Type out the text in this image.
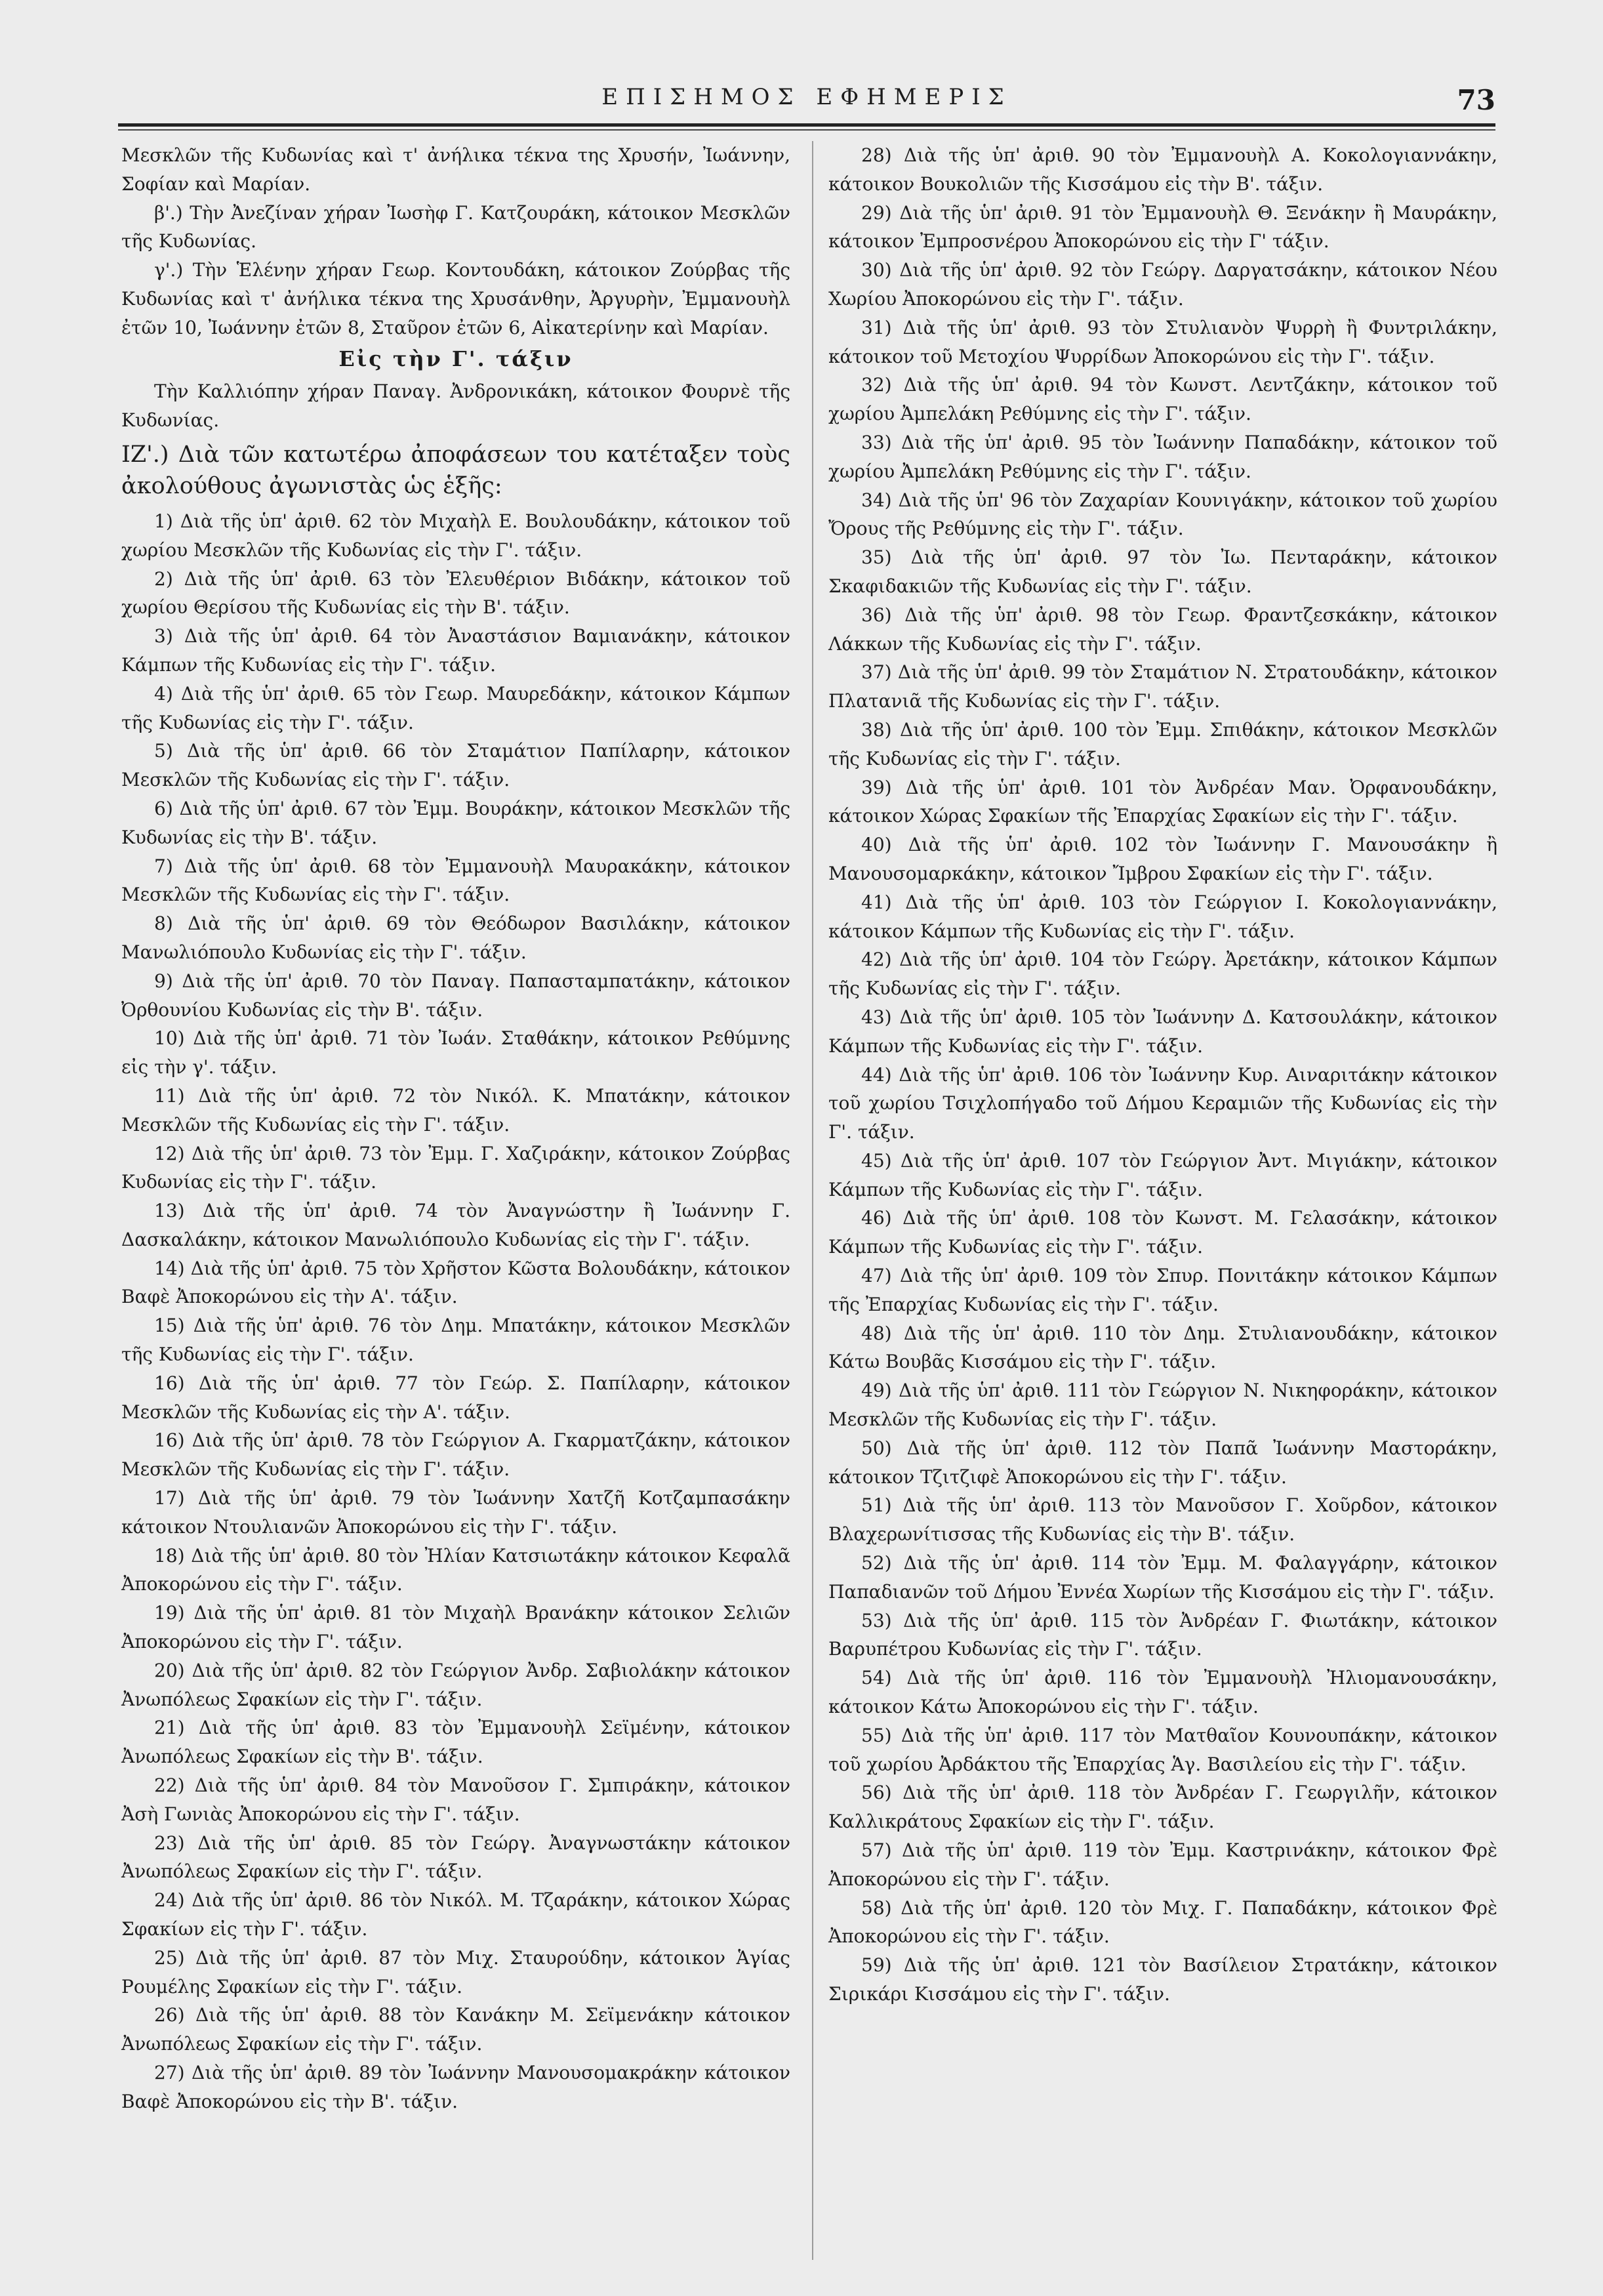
ΕΠΙΣΗΜΟΣ ΕΦΗΜΕΡΙΣ	73

Μεσκλῶν τῆς Κυδωνίας καὶ τ' ἀνήλικα τέκνα της Χρυσήν, Ἰωάννην, Σοφίαν καὶ Μαρίαν.

β'.) Τὴν Ἀνεζίναν χήραν Ἰωσὴφ Γ. Κατζουράκη, κάτοικον Μεσκλῶν τῆς Κυδωνίας.

γ'.) Τὴν Ἑλένην χήραν Γεωρ. Κοντουδάκη, κάτοικον Ζούρβας τῆς Κυδωνίας καὶ τ' ἀνήλικα τέκνα της Χρυσάνθην, Ἀργυρὴν, Ἐμμανουὴλ ἐτῶν 10, Ἰωάννην ἐτῶν 8, Σταῦρον ἐτῶν 6, Αἰκατερίνην καὶ Μαρίαν.

Εἰς τὴν Γ'. τάξιν

Τὴν Καλλιόπην χήραν Παναγ. Ἀνδρονικάκη, κάτοικον Φουρνὲ τῆς Κυδωνίας.

ΙΖ'.) Διὰ τῶν κατωτέρω ἀποφάσεων του κατέταξεν τοὺς ἀκολούθους ἀγωνιστὰς ὡς ἑξῆς:

1) Διὰ τῆς ὑπ' ἀριθ. 62 τὸν Μιχαὴλ Ε. Βουλουδάκην, κάτοικον τοῦ χωρίου Μεσκλῶν τῆς Κυδωνίας εἰς τὴν Γ'. τάξιν.

2) Διὰ τῆς ὑπ' ἀριθ. 63 τὸν Ἐλευθέριον Βιδάκην, κάτοικον τοῦ χωρίου Θερίσου τῆς Κυδωνίας εἰς τὴν Β'. τάξιν.

3) Διὰ τῆς ὑπ' ἀριθ. 64 τὸν Ἀναστάσιον Βαμιανάκην, κάτοικον Κάμπων τῆς Κυδωνίας εἰς τὴν Γ'. τάξιν.

4) Διὰ τῆς ὑπ' ἀριθ. 65 τὸν Γεωρ. Μαυρεδάκην, κάτοικον Κάμπων τῆς Κυδωνίας εἰς τὴν Γ'. τάξιν.

5) Διὰ τῆς ὑπ' ἀριθ. 66 τὸν Σταμάτιον Παπίλαρην, κάτοικον Μεσκλῶν τῆς Κυδωνίας εἰς τὴν Γ'. τάξιν.

6) Διὰ τῆς ὑπ' ἀριθ. 67 τὸν Ἐμμ. Βουράκην, κάτοικον Μεσκλῶν τῆς Κυδωνίας εἰς τὴν Β'. τάξιν.

7) Διὰ τῆς ὑπ' ἀριθ. 68 τὸν Ἐμμανουὴλ Μαυρακάκην, κάτοικον Μεσκλῶν τῆς Κυδωνίας εἰς τὴν Γ'. τάξιν.

8) Διὰ τῆς ὑπ' ἀριθ. 69 τὸν Θεόδωρον Βασιλάκην, κάτοικον Μανωλιόπουλο Κυδωνίας εἰς τὴν Γ'. τάξιν.

9) Διὰ τῆς ὑπ' ἀριθ. 70 τὸν Παναγ. Παπασταμπατάκην, κάτοικον Ὀρθουνίου Κυδωνίας εἰς τὴν Β'. τάξιν.

10) Διὰ τῆς ὑπ' ἀριθ. 71 τὸν Ἰωάν. Σταθάκην, κάτοικον Ρεθύμνης εἰς τὴν γ'. τάξιν.

11) Διὰ τῆς ὑπ' ἀριθ. 72 τὸν Νικόλ. Κ. Μπατάκην, κάτοικον Μεσκλῶν τῆς Κυδωνίας εἰς τὴν Γ'. τάξιν.

12) Διὰ τῆς ὑπ' ἀριθ. 73 τὸν Ἐμμ. Γ. Χαζιράκην, κάτοικον Ζούρβας Κυδωνίας εἰς τὴν Γ'. τάξιν.

13) Διὰ τῆς ὑπ' ἀριθ. 74 τὸν Ἀναγνώστην ἢ Ἰωάννην Γ. Δασκαλάκην, κάτοικον Μανωλιόπουλο Κυδωνίας εἰς τὴν Γ'. τάξιν.

14) Διὰ τῆς ὑπ' ἀριθ. 75 τὸν Χρῆστον Κῶστα Βολουδάκην, κάτοικον Βαφὲ Ἀποκορώνου εἰς τὴν Α'. τάξιν.

15) Διὰ τῆς ὑπ' ἀριθ. 76 τὸν Δημ. Μπατάκην, κάτοικον Μεσκλῶν τῆς Κυδωνίας εἰς τὴν Γ'. τάξιν.

16) Διὰ τῆς ὑπ' ἀριθ. 77 τὸν Γεώρ. Σ. Παπίλαρην, κάτοικον Μεσκλῶν τῆς Κυδωνίας εἰς τὴν Α'. τάξιν.

16) Διὰ τῆς ὑπ' ἀριθ. 78 τὸν Γεώργιον Α. Γκαρματζάκην, κάτοικον Μεσκλῶν τῆς Κυδωνίας εἰς τὴν Γ'. τάξιν.

17) Διὰ τῆς ὑπ' ἀριθ. 79 τὸν Ἰωάννην Χατζῆ Κοτζαμπασάκην κάτοικον Ντουλιανῶν Ἀποκορώνου εἰς τὴν Γ'. τάξιν.

18) Διὰ τῆς ὑπ' ἀριθ. 80 τὸν Ἠλίαν Κατσιωτάκην κάτοικον Κεφαλᾶ Ἀποκορώνου εἰς τὴν Γ'. τάξιν.

19) Διὰ τῆς ὑπ' ἀριθ. 81 τὸν Μιχαὴλ Βρανάκην κάτοικον Σελιῶν Ἀποκορώνου εἰς τὴν Γ'. τάξιν.

20) Διὰ τῆς ὑπ' ἀριθ. 82 τὸν Γεώργιον Ἀνδρ. Σαβιολάκην κάτοικον Ἀνωπόλεως Σφακίων εἰς τὴν Γ'. τάξιν.

21) Διὰ τῆς ὑπ' ἀριθ. 83 τὸν Ἐμμανουὴλ Σεϊμένην, κάτοικον Ἀνωπόλεως Σφακίων εἰς τὴν Β'. τάξιν.

22) Διὰ τῆς ὑπ' ἀριθ. 84 τὸν Μανοῦσον Γ. Σμπιράκην, κάτοικον Ἀσὴ Γωνιὰς Ἀποκορώνου εἰς τὴν Γ'. τάξιν.

23) Διὰ τῆς ὑπ' ἀριθ. 85 τὸν Γεώργ. Ἀναγνωστάκην κάτοικον Ἀνωπόλεως Σφακίων εἰς τὴν Γ'. τάξιν.

24) Διὰ τῆς ὑπ' ἀριθ. 86 τὸν Νικόλ. Μ. Τζαράκην, κάτοικον Χώρας Σφακίων εἰς τὴν Γ'. τάξιν.

25) Διὰ τῆς ὑπ' ἀριθ. 87 τὸν Μιχ. Σταυρούδην, κάτοικον Ἁγίας Ρουμέλης Σφακίων εἰς τὴν Γ'. τάξιν.

26) Διὰ τῆς ὑπ' ἀριθ. 88 τὸν Κανάκην Μ. Σεϊμενάκην κάτοικον Ἀνωπόλεως Σφακίων εἰς τὴν Γ'. τάξιν.

27) Διὰ τῆς ὑπ' ἀριθ. 89 τὸν Ἰωάννην Μανουσομακράκην κάτοικον Βαφὲ Ἀποκορώνου εἰς τὴν Β'. τάξιν.

28) Διὰ τῆς ὑπ' ἀριθ. 90 τὸν Ἐμμανουὴλ Α. Κοκολογιαννάκην, κάτοικον Βουκολιῶν τῆς Κισσάμου εἰς τὴν Β'. τάξιν.

29) Διὰ τῆς ὑπ' ἀριθ. 91 τὸν Ἐμμανουὴλ Θ. Ξενάκην ἢ Μαυράκην, κάτοικον Ἐμπροσνέρου Ἀποκορώνου εἰς τὴν Γ' τάξιν.

30) Διὰ τῆς ὑπ' ἀριθ. 92 τὸν Γεώργ. Δαργατσάκην, κάτοικον Νέου Χωρίου Ἀποκορώνου εἰς τὴν Γ'. τάξιν.

31) Διὰ τῆς ὑπ' ἀριθ. 93 τὸν Στυλιανὸν Ψυρρὴ ἢ Φυντριλάκην, κάτοικον τοῦ Μετοχίου Ψυρρίδων Ἀποκορώνου εἰς τὴν Γ'. τάξιν.

32) Διὰ τῆς ὑπ' ἀριθ. 94 τὸν Κωνστ. Λεντζάκην, κάτοικον τοῦ χωρίου Ἀμπελάκη Ρεθύμνης εἰς τὴν Γ'. τάξιν.

33) Διὰ τῆς ὑπ' ἀριθ. 95 τὸν Ἰωάννην Παπαδάκην, κάτοικον τοῦ χωρίου Ἀμπελάκη Ρεθύμνης εἰς τὴν Γ'. τάξιν.

34) Διὰ τῆς ὑπ' 96 τὸν Ζαχαρίαν Κουνιγάκην, κάτοικον τοῦ χωρίου Ὄρους τῆς Ρεθύμνης εἰς τὴν Γ'. τάξιν.

35) Διὰ τῆς ὑπ' ἀριθ. 97 τὸν Ἰω. Πενταράκην, κάτοικον Σκαφιδακιῶν τῆς Κυδωνίας εἰς τὴν Γ'. τάξιν.

36) Διὰ τῆς ὑπ' ἀριθ. 98 τὸν Γεωρ. Φραντζεσκάκην, κάτοικον Λάκκων τῆς Κυδωνίας εἰς τὴν Γ'. τάξιν.

37) Διὰ τῆς ὑπ' ἀριθ. 99 τὸν Σταμάτιον Ν. Στρατουδάκην, κάτοικον Πλατανιᾶ τῆς Κυδωνίας εἰς τὴν Γ'. τάξιν.

38) Διὰ τῆς ὑπ' ἀριθ. 100 τὸν Ἐμμ. Σπιθάκην, κάτοικον Μεσκλῶν τῆς Κυδωνίας εἰς τὴν Γ'. τάξιν.

39) Διὰ τῆς ὑπ' ἀριθ. 101 τὸν Ἀνδρέαν Μαν. Ὀρφανουδάκην, κάτοικον Χώρας Σφακίων τῆς Ἐπαρχίας Σφακίων εἰς τὴν Γ'. τάξιν.

40) Διὰ τῆς ὑπ' ἀριθ. 102 τὸν Ἰωάννην Γ. Μανουσάκην ἢ Μανουσομαρκάκην, κάτοικον Ἴμβρου Σφακίων εἰς τὴν Γ'. τάξιν.

41) Διὰ τῆς ὑπ' ἀριθ. 103 τὸν Γεώργιον Ι. Κοκολογιαννάκην, κάτοικον Κάμπων τῆς Κυδωνίας εἰς τὴν Γ'. τάξιν.

42) Διὰ τῆς ὑπ' ἀριθ. 104 τὸν Γεώργ. Ἀρετάκην, κάτοικον Κάμπων τῆς Κυδωνίας εἰς τὴν Γ'. τάξιν.

43) Διὰ τῆς ὑπ' ἀριθ. 105 τὸν Ἰωάννην Δ. Κατσουλάκην, κάτοικον Κάμπων τῆς Κυδωνίας εἰς τὴν Γ'. τάξιν.

44) Διὰ τῆς ὑπ' ἀριθ. 106 τὸν Ἰωάννην Κυρ. Αιναριτάκην κάτοικον τοῦ χωρίου Τσιχλοπήγαδο τοῦ Δήμου Κεραμιῶν τῆς Κυδωνίας εἰς τὴν Γ'. τάξιν.

45) Διὰ τῆς ὑπ' ἀριθ. 107 τὸν Γεώργιον Ἀντ. Μιγιάκην, κάτοικον Κάμπων τῆς Κυδωνίας εἰς τὴν Γ'. τάξιν.

46) Διὰ τῆς ὑπ' ἀριθ. 108 τὸν Κωνστ. Μ. Γελασάκην, κάτοικον Κάμπων τῆς Κυδωνίας εἰς τὴν Γ'. τάξιν.

47) Διὰ τῆς ὑπ' ἀριθ. 109 τὸν Σπυρ. Πονιτάκην κάτοικον Κάμπων τῆς Ἐπαρχίας Κυδωνίας εἰς τὴν Γ'. τάξιν.

48) Διὰ τῆς ὑπ' ἀριθ. 110 τὸν Δημ. Στυλιανουδάκην, κάτοικον Κάτω Βουβᾶς Κισσάμου εἰς τὴν Γ'. τάξιν.

49) Διὰ τῆς ὑπ' ἀριθ. 111 τὸν Γεώργιον Ν. Νικηφοράκην, κάτοικον Μεσκλῶν τῆς Κυδωνίας εἰς τὴν Γ'. τάξιν.

50) Διὰ τῆς ὑπ' ἀριθ. 112 τὸν Παπᾶ Ἰωάννην Μαστοράκην, κάτοικον Τζιτζιφὲ Ἀποκορώνου εἰς τὴν Γ'. τάξιν.

51) Διὰ τῆς ὑπ' ἀριθ. 113 τὸν Μανοῦσον Γ. Χοῦρδον, κάτοικον Βλαχερωνίτισσας τῆς Κυδωνίας εἰς τὴν Β'. τάξιν.

52) Διὰ τῆς ὑπ' ἀριθ. 114 τὸν Ἐμμ. Μ. Φαλαγγάρην, κάτοικον Παπαδιανῶν τοῦ Δήμου Ἐννέα Χωρίων τῆς Κισσάμου εἰς τὴν Γ'. τάξιν.

53) Διὰ τῆς ὑπ' ἀριθ. 115 τὸν Ἀνδρέαν Γ. Φιωτάκην, κάτοικον Βαρυπέτρου Κυδωνίας εἰς τὴν Γ'. τάξιν.

54) Διὰ τῆς ὑπ' ἀριθ. 116 τὸν Ἐμμανουὴλ Ἠλιομανουσάκην, κάτοικον Κάτω Ἀποκορώνου εἰς τὴν Γ'. τάξιν.

55) Διὰ τῆς ὑπ' ἀριθ. 117 τὸν Ματθαῖον Κουνουπάκην, κάτοικον τοῦ χωρίου Ἀρδάκτου τῆς Ἐπαρχίας Ἁγ. Βασιλείου εἰς τὴν Γ'. τάξιν.

56) Διὰ τῆς ὑπ' ἀριθ. 118 τὸν Ἀνδρέαν Γ. Γεωργιλῆν, κάτοικον Καλλικράτους Σφακίων εἰς τὴν Γ'. τάξιν.

57) Διὰ τῆς ὑπ' ἀριθ. 119 τὸν Ἐμμ. Καστρινάκην, κάτοικον Φρὲ Ἀποκορώνου εἰς τὴν Γ'. τάξιν.

58) Διὰ τῆς ὑπ' ἀριθ. 120 τὸν Μιχ. Γ. Παπαδάκην, κάτοικον Φρὲ Ἀποκορώνου εἰς τὴν Γ'. τάξιν.

59) Διὰ τῆς ὑπ' ἀριθ. 121 τὸν Βασίλειον Στρατάκην, κάτοικον Σιρικάρι Κισσάμου εἰς τὴν Γ'. τάξιν.
